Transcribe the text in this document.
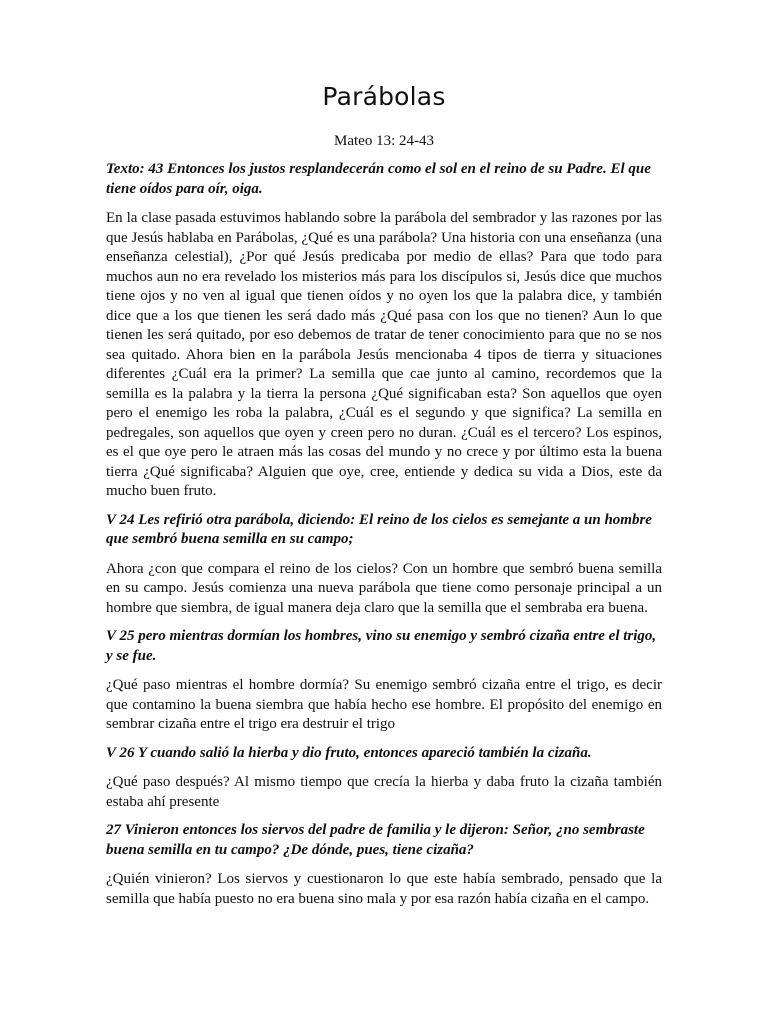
Parábolas

Mateo 13: 24-43

Texto: 43 Entonces los justos resplandecerán como el sol en el reino de su Padre. El que tiene oídos para oír, oiga.

En la clase pasada estuvimos hablando sobre la parábola del sembrador y las razones por las que Jesús hablaba en Parábolas, ¿Qué es una parábola? Una historia con una enseñanza (una enseñanza celestial), ¿Por qué Jesús predicaba por medio de ellas? Para que todo para muchos aun no era revelado los misterios más para los discípulos si, Jesús dice que muchos tiene ojos y no ven al igual que tienen oídos y no oyen los que la palabra dice, y también dice que a los que tienen les será dado más ¿Qué pasa con los que no tienen? Aun lo que tienen les será quitado, por eso debemos de tratar de tener conocimiento para que no se nos sea quitado. Ahora bien en la parábola Jesús mencionaba 4 tipos de tierra y situaciones diferentes ¿Cuál era la primer? La semilla que cae junto al camino, recordemos que la semilla es la palabra y la tierra la persona ¿Qué significaban esta? Son aquellos que oyen pero el enemigo les roba la palabra, ¿Cuál es el segundo y que significa? La semilla en pedregales, son aquellos que oyen y creen pero no duran. ¿Cuál es el tercero? Los espinos, es el que oye pero le atraen más las cosas del mundo y no crece y por último esta la buena tierra ¿Qué significaba? Alguien que oye, cree, entiende y dedica su vida a Dios, este da mucho buen fruto.

V 24 Les refirió otra parábola, diciendo: El reino de los cielos es semejante a un hombre que sembró buena semilla en su campo;

Ahora ¿con que compara el reino de los cielos? Con un hombre que sembró buena semilla en su campo. Jesús comienza una nueva parábola que tiene como personaje principal a un hombre que siembra, de igual manera deja claro que la semilla que el sembraba era buena.

V 25 pero mientras dormían los hombres, vino su enemigo y sembró cizaña entre el trigo, y se fue.

¿Qué paso mientras el hombre dormía? Su enemigo sembró cizaña entre el trigo, es decir que contamino la buena siembra que había hecho ese hombre. El propósito del enemigo en sembrar cizaña entre el trigo era destruir el trigo

V 26 Y cuando salió la hierba y dio fruto, entonces apareció también la cizaña.

¿Qué paso después? Al mismo tiempo que crecía la hierba y daba fruto la cizaña también estaba ahí presente

27 Vinieron entonces los siervos del padre de familia y le dijeron: Señor, ¿no sembraste buena semilla en tu campo? ¿De dónde, pues, tiene cizaña?

¿Quién vinieron? Los siervos y cuestionaron lo que este había sembrado, pensado que la semilla que había puesto no era buena sino mala y por esa razón había cizaña en el campo.
